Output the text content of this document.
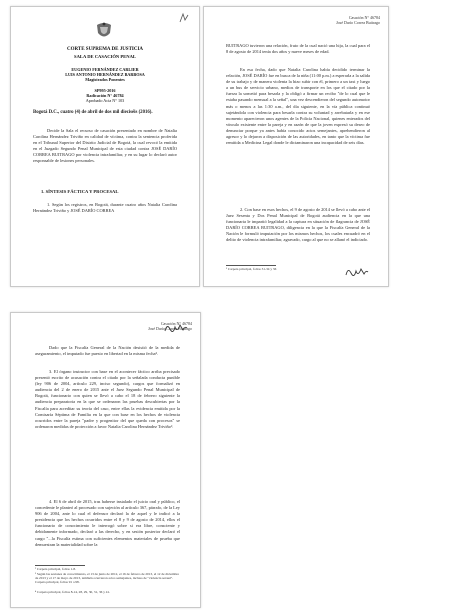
CORTE SUPREMA DE JUSTICIA
SALA DE CASACIÓN PENAL
EUGENIO FERNÁNDEZ CARLIER
LUIS ANTONIO HERNÁNDEZ BARBOSA
Magistrados Ponentes
SP995-2016
Radicación N° 46784
Aprobado Acta N° 103
Bogotá D.C., cuatro (4) de abril de dos mil dieciséis (2016).
Decide la Sala el recurso de casación presentado en nombre de Natalia Carolina Hernández Triviño en calidad de víctima, contra la sentencia proferida en el Tribunal Superior del Distrito Judicial de Bogotá, la cual revocó la emitida en el Juzgado Segundo Penal Municipal de esta ciudad contra JOSÉ DARÍO CORREA BUITRAGO por violencia intrafamiliar, y en su lugar lo declaró autor responsable de lesiones personales.
1. SÍNTESIS FÁCTICA Y PROCESAL
1. Según los registros, en Bogotá, durante cuatro años Natalia Carolina Hernández Triviño y JOSÉ DARÍO CORREA
Casación N° 46784
José Darío Correa Buitrago
BUITRAGO tuvieron una relación, fruto de la cual nació una hija, la cual para el 8 de agosto de 2014 tenía dos años y nueve meses de edad.
En esa fecha, dado que Natalia Carolina había decidido terminar la relación, JOSÉ DARÍO fue en busca de la niña (11:00 p.m.) a esperarla a la salida de su trabajo y de manera violenta la hizo subir con él, primero a un taxi y luego a un bus de servicio urbano, medios de transporte en los que el citado por la fuerza la sometió para besarla y la obligó a firmar un recibo "de lo cual que le estaba pasando mensual a la señal", una vez descendieron del segundo automotor más o menos a las 1:30 a.m., del día siguiente, en la vía pública continuó sujetándola con violencia para besarla contra su voluntad y arrebatarla y en ese momento aparecieron unos agentes de la Policía Nacional, quienes enterados del vínculo existente entre la pareja y en razón de que la joven expresó su deseo de denunciar porque ya antes había conocido actos semejantes, aprehendieron al agresor y lo dejaron a disposición de las autoridades, en tanto que la víctima fue remitida a Medicina Legal donde le dictaminaron una incapacidad de seis días.
2. Con base en esos hechos, el 9 de agosto de 2014 se llevó a cabo ante el Juez Sesenta y Dos Penal Municipal de Bogotá audiencia en la que una funcionaria le impartió legalidad a la captura en situación de flagrancia de JOSÉ DARÍO CORREA BUITRAGO, diligencia en la que la Fiscalía General de la Nación le formuló imputación por los mismos hechos, los cuales encuadró en el delito de violencia intrafamiliar, agravado, cargo al que no se allanó el indiciado.
¹ Carpeta principal, folios 31-34 y 36
Casación N° 46784
José Darío Correa Buitrago
Dado que la Fiscalía General de la Nación desistió de la medida de aseguramiento, el imputado fue puesto en libertad en la misma fecha².
3. El órgano instructor con base en el acontecer fáctico arriba precisado presentó escrito de acusación contra el citado por la señalada conducta punible (ley 906 de 2004, artículo 229, inciso segundo), cargos que formalizó en audiencia del 2 de enero de 2015 ante el Juez Segundo Penal Municipal de Bogotá, funcionario con quien se llevó a cabo el 18 de febrero siguiente la audiencia preparatoria en la que se ordenaron las pruebas descubiertas por la Fiscalía para acreditar su teoría del caso, entre ellas la evidencia emitida por la Comisaría Séptima de Familia en la que con base en los hechos de violencia ocurridos entre la pareja "padre y progenitor del que queda con procesos" se ordenaron medidas de protección a favor Natalia Carolina Hernández Triviño³.
4. El 6 de abril de 2015, tras haberse instalado el juicio oral y público, el concedente le planteó al procesado con sujeción al artículo 367, párrafo, de la Ley 906 de 2004, ante lo cual el defensor declaró la de aquel y le indicó a la presidencia que los hechos ocurridos entre el 8 y 9 de agosto de 2014, ellos el funcionario de conocimiento le interrogó sobre si era libre, consciente y debidamente informado, declaró a las derecho, y en sesión posterior declaró el cargo "...la Fiscalía estima con suficientes elementos materiales de prueba que demuestran la materialidad sobre la
² Carpeta principal, folios 1-8.
³ Según las sesiones de conocimiento, el 13 de junio de 2012, el 16 de febrero de 2013, el 12 de diciembre de 2013 y el 17 de mayo de 2013, también ocurrieron actos semejantes, incluso de "violencia sexual". Carpeta principal, folios 91 a 98.
⁴ Carpeta principal, folios 8-14, 28, 29, 30, 31, 36 y 41.
